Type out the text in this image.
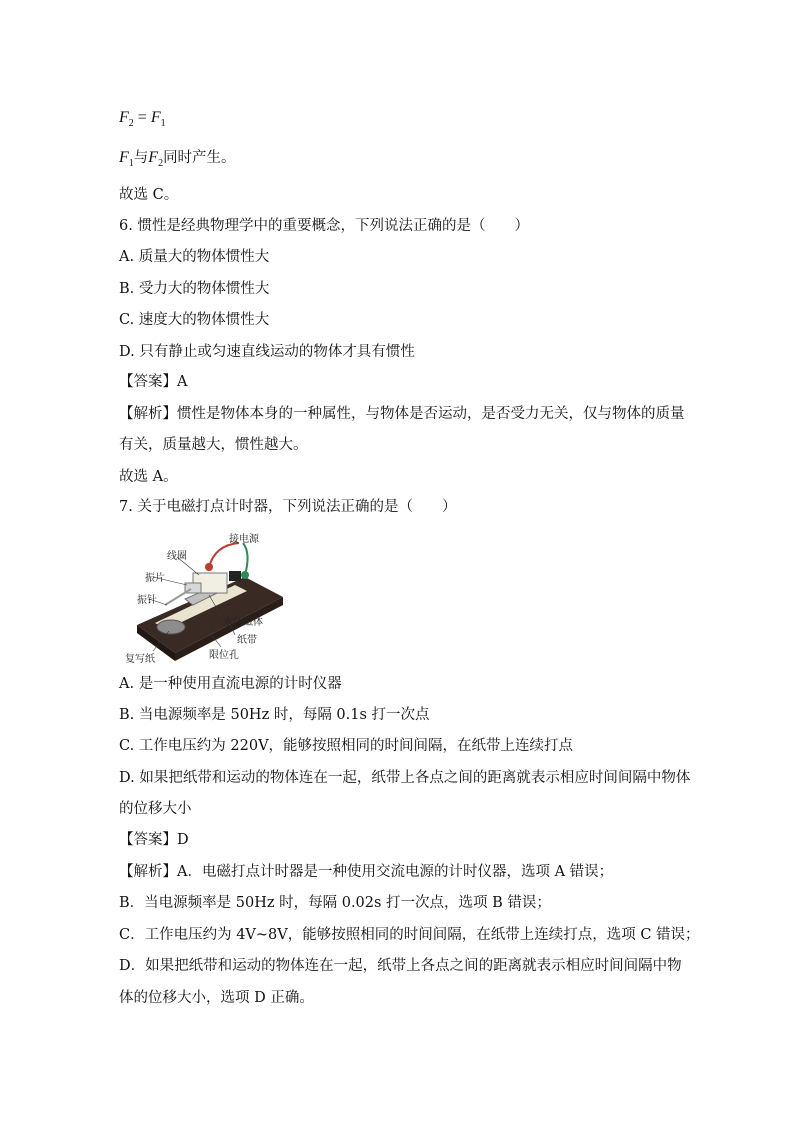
$F_2 = F_1$
$F_1$与$F_2$同时产生。
故选 C。
6. 惯性是经典物理学中的重要概念，下列说法正确的是（　　）
A. 质量大的物体惯性大
B. 受力大的物体惯性大
C. 速度大的物体惯性大
D. 只有静止或匀速直线运动的物体才具有惯性
【答案】A
【解析】惯性是物体本身的一种属性，与物体是否运动，是否受力无关，仅与物体的质量
有关，质量越大，惯性越大。
故选 A。
7. 关于电磁打点计时器，下列说法正确的是（　　）
接电源
线圈
振片
振针
永久磁体
纸带
复写纸	限位孔
A. 是一种使用直流电源的计时仪器
B. 当电源频率是 50Hz 时，每隔 0.1s 打一次点
C. 工作电压约为 220V，能够按照相同的时间间隔，在纸带上连续打点
D. 如果把纸带和运动的物体连在一起，纸带上各点之间的距离就表示相应时间间隔中物体
的位移大小
【答案】D
【解析】A．电磁打点计时器是一种使用交流电源的计时仪器，选项 A 错误；
B．当电源频率是 50Hz 时，每隔 0.02s 打一次点，选项 B 错误；
C．工作电压约为 4V~8V，能够按照相同的时间间隔，在纸带上连续打点，选项 C 错误；
D．如果把纸带和运动的物体连在一起，纸带上各点之间的距离就表示相应时间间隔中物
体的位移大小，选项 D 正确。
